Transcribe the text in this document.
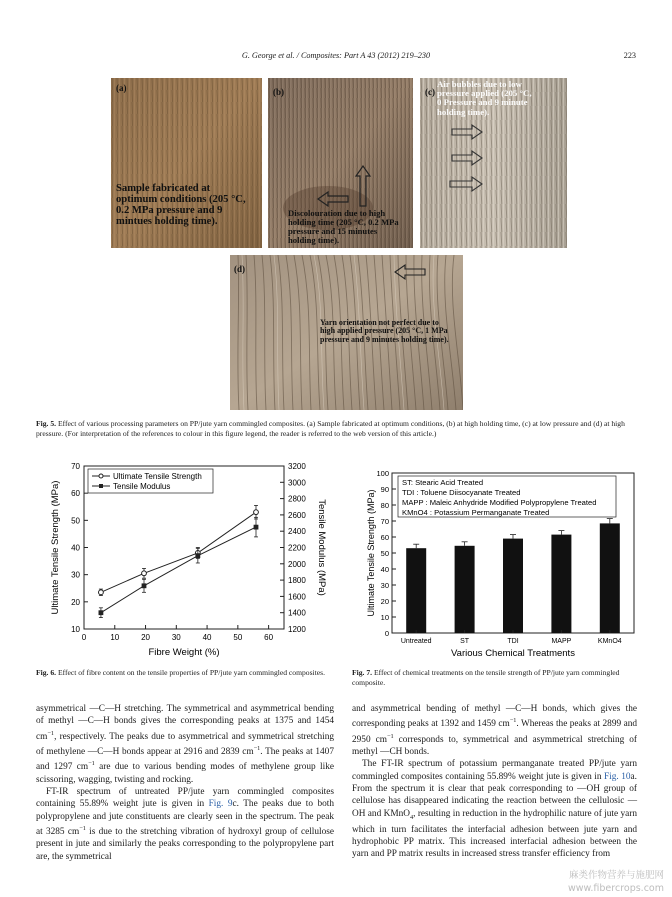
G. George et al. / Composites: Part A 43 (2012) 219–230	223
(a)
Sample fabricated at
optimum conditions (205 °C,
0.2 MPa pressure and 9
mintues holding time).
(b)
Discolouration due to high
holding time (205 °C, 0.2 MPa
pressure and 15 minutes
holding time).
(c)
Air bubbles due to low
pressure applied (205 °C,
0 Pressure and 9 minute
holding time).
(d)
Yarn orientation not perfect due to
high applied pressure (205 °C, 1 MPa
pressure and 9 minutes holding time).
Fig. 5. Effect of various processing parameters on PP/jute yarn commingled composites. (a) Sample fabricated at optimum conditions, (b) at high holding time, (c) at low pressure and (d) at high pressure. (For interpretation of the references to colour in this figure legend, the reader is referred to the web version of this article.)
0	10	20	30	40	50	60
10
20
30
40
50
60
70
1200
1400
1600
1800
2000
2200
2400
2600
2800
3000
3200
Fibre Weight (%)
Ultimate Tensile Strength (MPa)	Tensile Modulus (MPa)
Ultimate Tensile Strength
Tensile Modulus
Fig. 6. Effect of fibre content on the tensile properties of PP/jute yarn commingled composites.
0
10
20
30
40
50
60
70
80
90
100
Untreated	ST	TDI	MAPP	KMnO4
Various Chemical Treatments
Ultimate Tensile Strength (MPa)
ST: Stearic Acid Treated
TDI : Toluene Diisocyanate Treated
MAPP : Maleic Anhydride Modified Polypropylene Treated
KMnO4 : Potassium Permanganate Treated
Fig. 7. Effect of chemical treatments on the tensile strength of PP/jute yarn commingled composite.

asymmetrical —C—H stretching. The symmetrical and asymmetrical bending of methyl —C—H bonds gives the corresponding peaks at 1375 and 1454 $cm^{-1}$, respectively. The peaks due to asymmetrical and symmetrical stretching of methylene —C—H bonds appear at 2916 and 2839 $cm^{-1}$. The peaks at 1407 and 1297 $cm^{-1}$ are due to various bending modes of methylene group like scissoring, wagging, twisting and rocking.

FT-IR spectrum of untreated PP/jute yarn commingled composites containing 55.89% weight jute is given in Fig. 9c. The peaks due to both polypropylene and jute constituents are clearly seen in the spectrum. The peak at 3285 $cm^{-1}$ is due to the stretching vibration of hydroxyl group of cellulose present in jute and similarly the peaks corresponding to the polypropylene part are, the symmetrical

and asymmetrical bending of methyl —C—H bonds, which gives the corresponding peaks at 1392 and 1459 $cm^{-1}$. Whereas the peaks at 2899 and 2950 $cm^{-1}$ corresponds to, symmetrical and asymmetrical stretching of methyl —CH bonds.

The FT-IR spectrum of potassium permanganate treated PP/jute yarn commingled composites containing 55.89% weight jute is given in Fig. 10a. From the spectrum it is clear that peak corresponding to —OH group of cellulose has disappeared indicating the reaction between the cellulosic —OH and KMnO$_4$, resulting in reduction in the hydrophilic nature of jute yarn which in turn facilitates the interfacial adhesion between jute yarn and hydrophobic PP matrix. This increased interfacial adhesion between the yarn and PP matrix results in increased stress transfer efficiency from

麻类作物营养与施肥网
www.fibercrops.com
